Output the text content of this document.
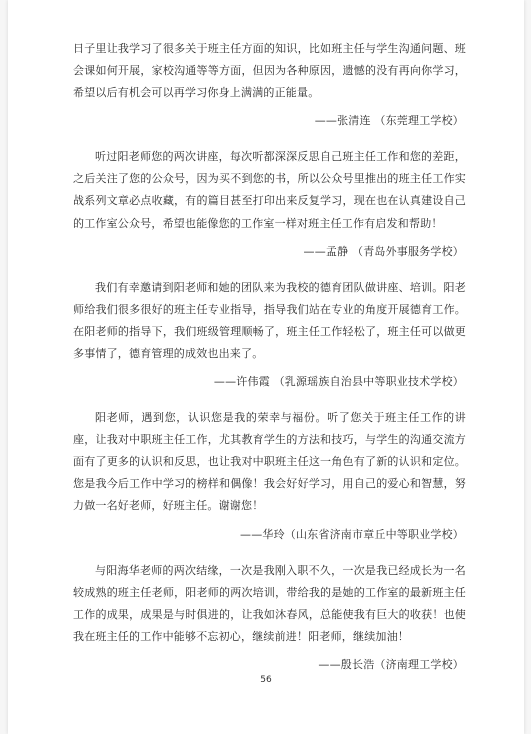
日子里让我学习了很多关于班主任方面的知识，比如班主任与学生沟通问题、班会课如何开展，家校沟通等等方面，但因为各种原因，遗憾的没有再向你学习，希望以后有机会可以再学习你身上满满的正能量。

——张清连 （东莞理工学校）

听过阳老师您的两次讲座，每次听都深深反思自己班主任工作和您的差距，之后关注了您的公众号，因为买不到您的书，所以公众号里推出的班主任工作实战系列文章必点收藏，有的篇目甚至打印出来反复学习，现在也在认真建设自己的工作室公众号，希望也能像您的工作室一样对班主任工作有启发和帮助！

——孟静 （青岛外事服务学校）

我们有幸邀请到阳老师和她的团队来为我校的德育团队做讲座、培训。阳老师给我们很多很好的班主任专业指导，指导我们站在专业的角度开展德育工作。在阳老师的指导下，我们班级管理顺畅了，班主任工作轻松了，班主任可以做更多事情了，德育管理的成效也出来了。

——许伟霞 （乳源瑶族自治县中等职业技术学校）

阳老师，遇到您，认识您是我的荣幸与福份。听了您关于班主任工作的讲座，让我对中职班主任工作，尤其教育学生的方法和技巧，与学生的沟通交流方面有了更多的认识和反思，也让我对中职班主任这一角色有了新的认识和定位。您是我今后工作中学习的榜样和偶像！我会好好学习，用自己的爱心和智慧，努力做一名好老师，好班主任。谢谢您！

——华玲（山东省济南市章丘中等职业学校）

与阳海华老师的两次结缘，一次是我刚入职不久，一次是我已经成长为一名较成熟的班主任老师，阳老师的两次培训，带给我的是她的工作室的最新班主任工作的成果，成果是与时俱进的，让我如沐春风，总能使我有巨大的收获！也使我在班主任的工作中能够不忘初心，继续前进！阳老师，继续加油！

——殷长浩（济南理工学校）

56
